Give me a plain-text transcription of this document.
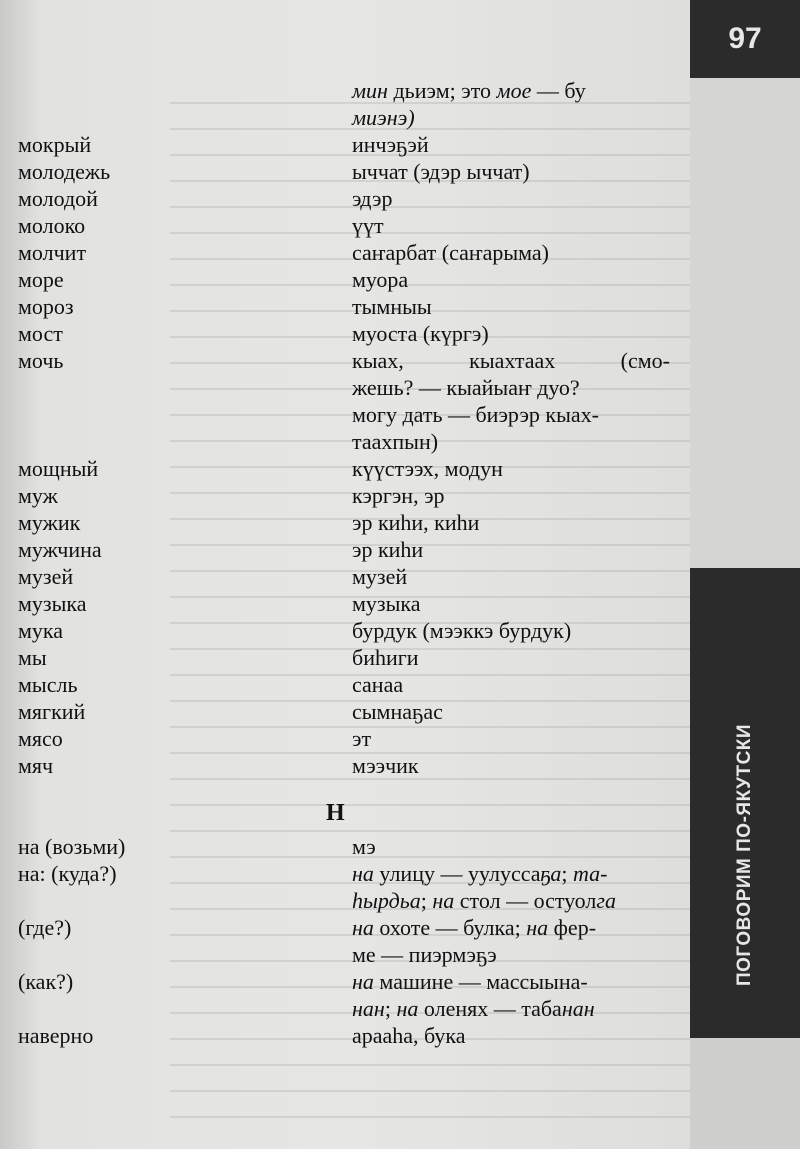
97
ПОГОВОРИМ ПО-ЯКУТСКИ
мокрый
молодежь
молодой
молоко
молчит
море
мороз
мост
мочь
мощный
муж
мужик
мужчина
музей
музыка
мука
мы
мысль
мягкий
мясо
мяч
на (возьми)
на: (куда?)
(где?)
(как?)
наверно
мин дьиэм; это мое — бу
миэнэ)
инчэҕэй
ыччат (эдэр ыччат)
эдэр
үүт
саҥарбат (саҥарыма)
муора
тымныы
муоста (күргэ)
кыах,	кыахтаах	(смо-
жешь? — кыайыаҥ дуо?
могу дать — биэрэр кыах-
таахпын)
күүстээх, модун
кэргэн, эр
эр киһи, киһи
эр киһи
музей
музыка
бурдук (мээккэ бурдук)
биһиги
санаа
сымнаҕас
эт
мээчик
Н
мэ
на улицу — уулуссаҕа; та-
һырдьа; на стол — остуолга
на охоте — булка; на фер-
ме — пиэрмэҕэ
на машине — массыына-
нан; на оленях — табанан
арааһа, бука
